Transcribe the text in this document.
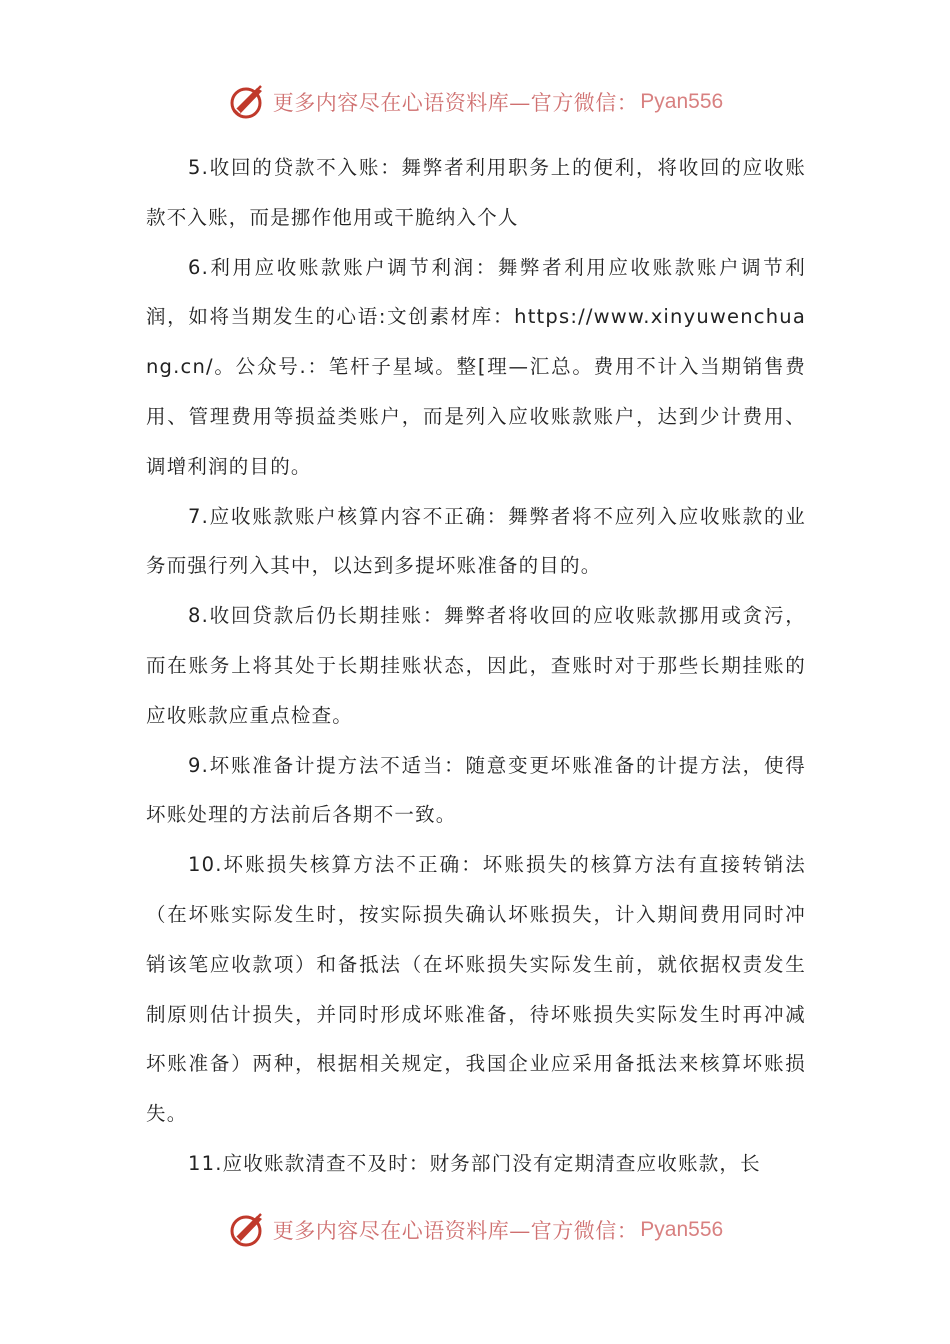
更多内容尽在心语资料库—官方微信： Pyan556

5.收回的贷款不入账：舞弊者利用职务上的便利，将收回的应收账款不入账，而是挪作他用或干脆纳入个人

6.利用应收账款账户调节利润：舞弊者利用应收账款账户调节利润，如将当期发生的心语:文创素材库：https://www.xinyuwenchuang.cn/。公众号.：笔杆子星域。整[理—汇总。费用不计入当期销售费用、管理费用等损益类账户，而是列入应收账款账户，达到少计费用、调增利润的目的。

7.应收账款账户核算内容不正确：舞弊者将不应列入应收账款的业务而强行列入其中，以达到多提坏账准备的目的。

8.收回贷款后仍长期挂账：舞弊者将收回的应收账款挪用或贪污，而在账务上将其处于长期挂账状态，因此，查账时对于那些长期挂账的应收账款应重点检查。

9.坏账准备计提方法不适当：随意变更坏账准备的计提方法，使得坏账处理的方法前后各期不一致。

10.坏账损失核算方法不正确：坏账损失的核算方法有直接转销法（在坏账实际发生时，按实际损失确认坏账损失，计入期间费用同时冲销该笔应收款项）和备抵法（在坏账损失实际发生前，就依据权责发生制原则估计损失，并同时形成坏账准备，待坏账损失实际发生时再冲减坏账准备）两种，根据相关规定，我国企业应采用备抵法来核算坏账损失。

11.应收账款清查不及时：财务部门没有定期清查应收账款，长

更多内容尽在心语资料库—官方微信： Pyan556
